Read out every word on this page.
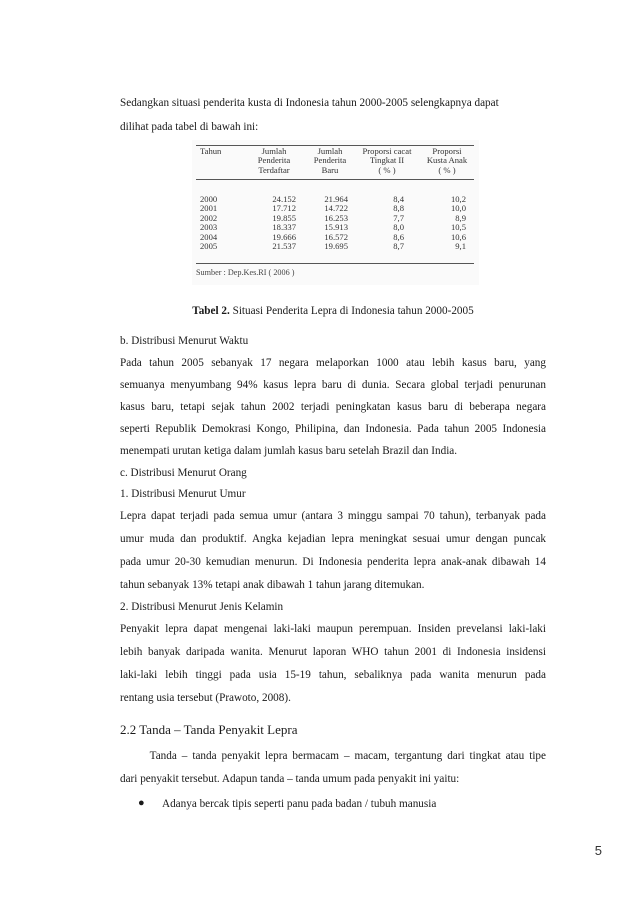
Sedangkan situasi penderita kusta di Indonesia tahun 2000-2005 selengkapnya dapat
dilihat pada tabel di bawah ini:
Tahun	Jumlah
Penderita
Terdaftar
Jumlah
Penderita
Baru
Proporsi cacat
Tingkat II
( % )
Proporsi
Kusta Anak
( % )
2000
2001
2002
2003
2004
2005
24.152
17.712
19.855
18.337
19.666
21.537
21.964
14.722
16.253
15.913
16.572
19.695
8,4
8,8
7,7
8,0
8,6
8,7
10,2
10,0
8,9
10,5
10,6
9,1
Sumber : Dep.Kes.RI ( 2006 )
Tabel 2. Situasi Penderita Lepra di Indonesia tahun 2000-2005
b. Distribusi Menurut Waktu
Pada tahun 2005 sebanyak 17 negara melaporkan 1000 atau lebih kasus baru, yang
semuanya menyumbang 94% kasus lepra baru di dunia. Secara global terjadi penurunan
kasus baru, tetapi sejak tahun 2002 terjadi peningkatan kasus baru di beberapa negara
seperti Republik Demokrasi Kongo, Philipina, dan Indonesia. Pada tahun 2005 Indonesia
menempati urutan ketiga dalam jumlah kasus baru setelah Brazil dan India.
c. Distribusi Menurut Orang
1. Distribusi Menurut Umur
Lepra dapat terjadi pada semua umur (antara 3 minggu sampai 70 tahun), terbanyak pada
umur muda dan produktif. Angka kejadian lepra meningkat sesuai umur dengan puncak
pada umur 20-30 kemudian menurun. Di Indonesia penderita lepra anak-anak dibawah 14
tahun sebanyak 13% tetapi anak dibawah 1 tahun jarang ditemukan.
2. Distribusi Menurut Jenis Kelamin
Penyakit lepra dapat mengenai laki-laki maupun perempuan. Insiden prevelansi laki-laki
lebih banyak daripada wanita. Menurut laporan WHO tahun 2001 di Indonesia insidensi
laki-laki lebih tinggi pada usia 15-19 tahun, sebaliknya pada wanita menurun pada
rentang usia tersebut (Prawoto, 2008).
2.2 Tanda – Tanda Penyakit Lepra
Tanda – tanda penyakit lepra bermacam – macam, tergantung dari tingkat atau tipe
dari penyakit tersebut. Adapun tanda – tanda umum pada penyakit ini yaitu:
● Adanya bercak tipis seperti panu pada badan / tubuh manusia
5
